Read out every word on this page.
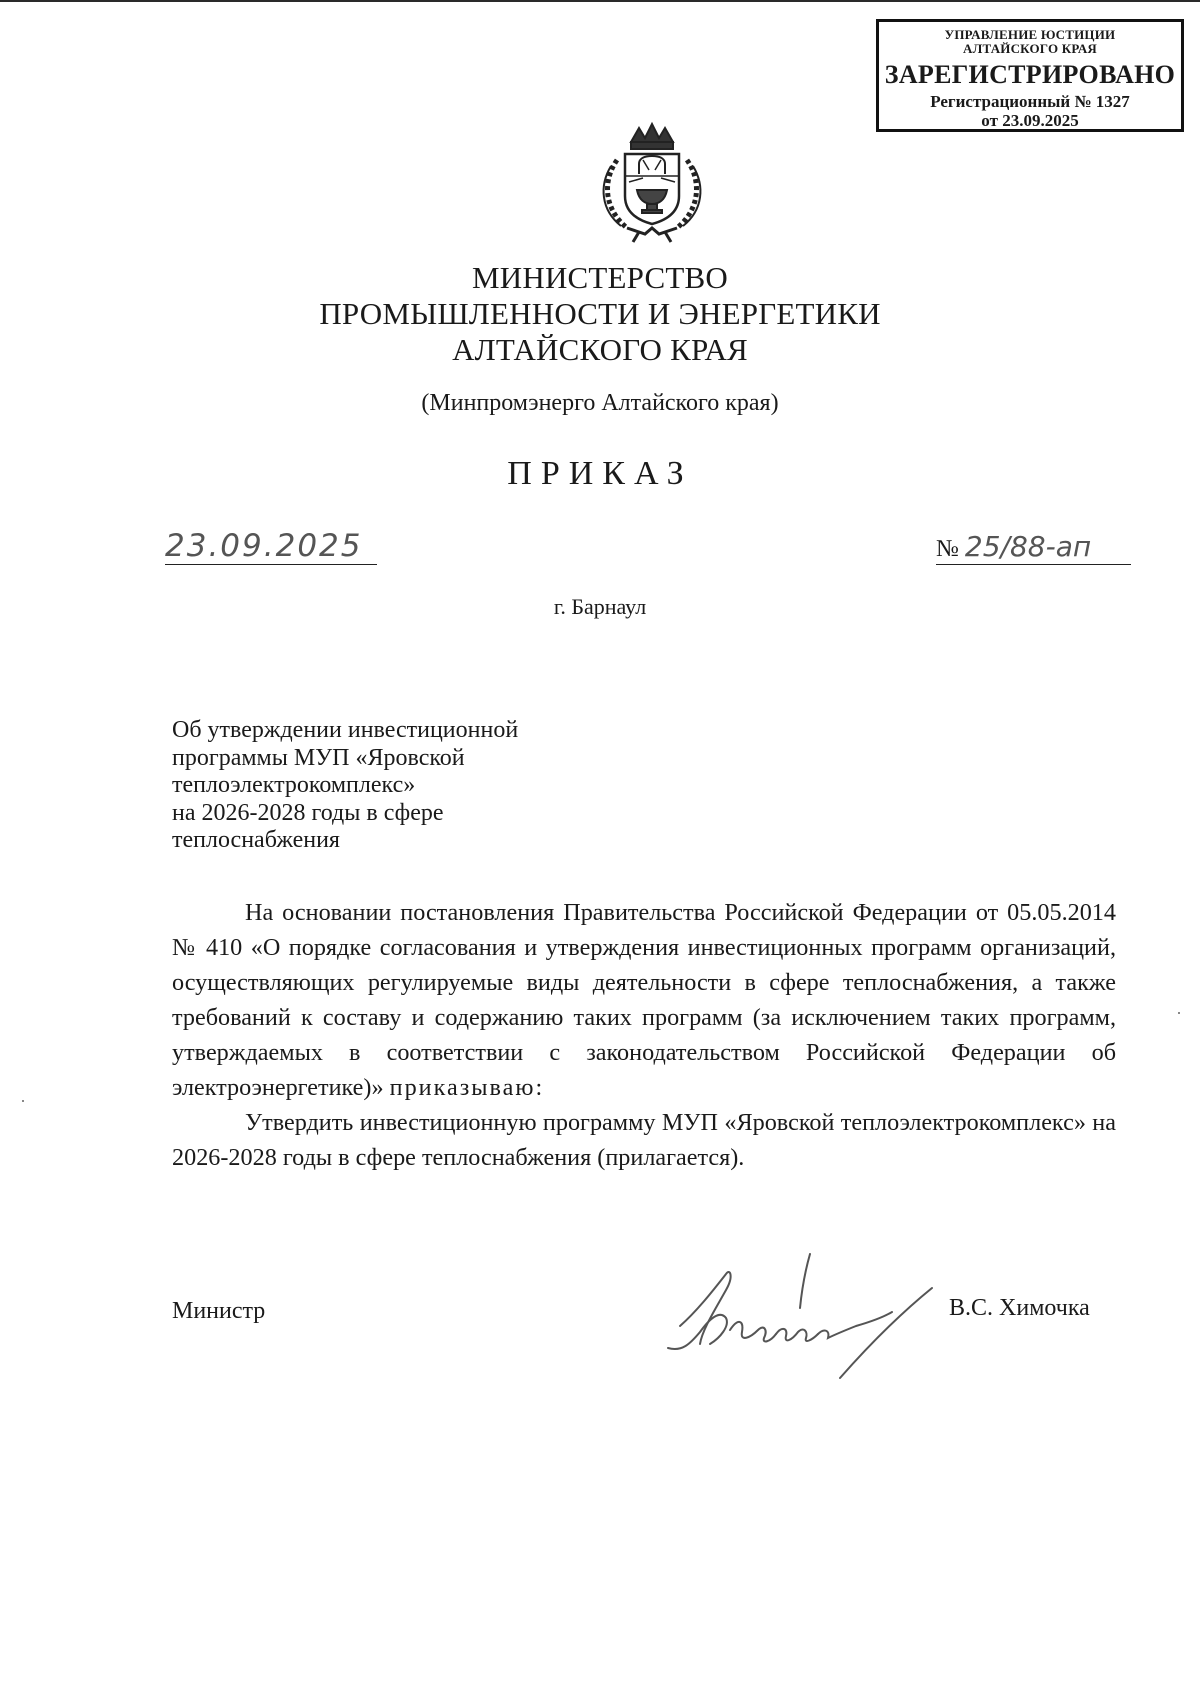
УПРАВЛЕНИЕ ЮСТИЦИИ
АЛТАЙСКОГО КРАЯ
ЗАРЕГИСТРИРОВАНО
Регистрационный № 1327
от 23.09.2025
МИНИСТЕРСТВО
ПРОМЫШЛЕННОСТИ И ЭНЕРГЕТИКИ
АЛТАЙСКОГО КРАЯ
(Минпромэнерго Алтайского края)
ПРИКАЗ
23.09.2025	№ 25/88-ап
г. Барнаул
Об утверждении инвестиционной
программы МУП «Яровской
теплоэлектрокомплекс»
на 2026-2028 годы в сфере
теплоснабжения

На основании постановления Правительства Российской Федерации от 05.05.2014 № 410 «О порядке согласования и утверждения инвестиционных программ организаций, осуществляющих регулируемые виды деятельности в сфере теплоснабжения, а также требований к составу и содержанию таких программ (за исключением таких программ, утверждаемых в соответствии с законодательством Российской Федерации об электроэнергетике)» приказываю:

Утвердить инвестиционную программу МУП «Яровской теплоэлектрокомплекс» на 2026-2028 годы в сфере теплоснабжения (прилагается).

Министр	В.С. Химочка
